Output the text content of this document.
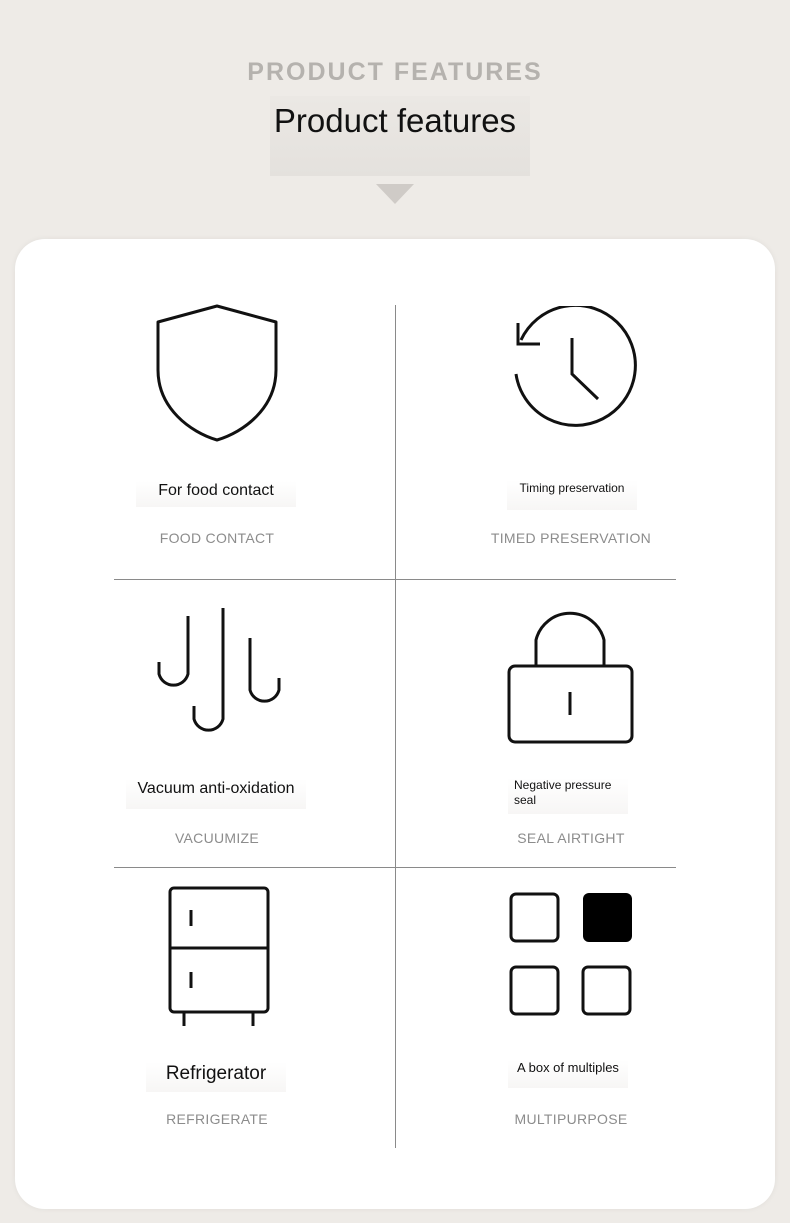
PRODUCT FEATURES
Product features
For food contact
FOOD CONTACT
Timing preservation
TIMED PRESERVATION
Vacuum anti-oxidation
VACUUMIZE
Negative pressure seal
SEAL AIRTIGHT
Refrigerator
REFRIGERATE
A box of multiples
MULTIPURPOSE
